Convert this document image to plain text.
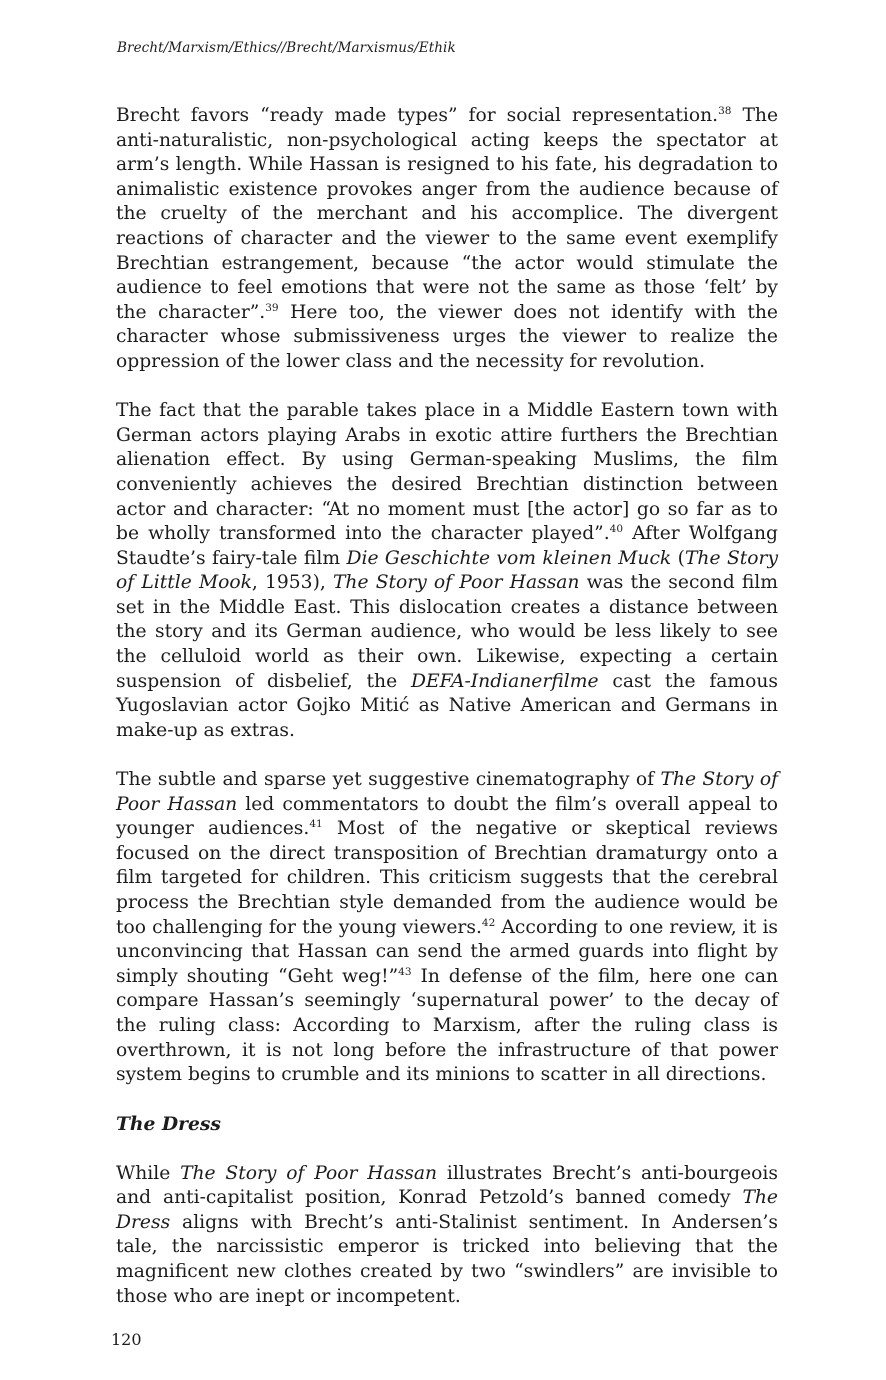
Brecht/Marxism/Ethics//Brecht/Marxismus/Ethik

Brecht favors “ready made types” for social representation.$^{38}$ The anti-naturalistic, non-psychological acting keeps the spectator at arm’s length. While Hassan is resigned to his fate, his degradation to animalistic existence provokes anger from the audience because of the cruelty of the merchant and his accomplice. The divergent reactions of character and the viewer to the same event exemplify Brechtian estrangement, because “the actor would stimulate the audience to feel emotions that were not the same as those ‘felt’ by the character”.$^{39}$ Here too, the viewer does not identify with the character whose submissiveness urges the viewer to realize the oppression of the lower class and the necessity for revolution.

The fact that the parable takes place in a Middle Eastern town with German actors playing Arabs in exotic attire furthers the Brechtian alienation effect. By using German-speaking Muslims, the film conveniently achieves the desired Brechtian distinction between actor and character: “At no moment must [the actor] go so far as to be wholly transformed into the character played”.$^{40}$ After Wolfgang Staudte’s fairy-tale film Die Geschichte vom kleinen Muck (The Story of Little Mook, 1953), The Story of Poor Hassan was the second film set in the Middle East. This dislocation creates a distance between the story and its German audience, who would be less likely to see the celluloid world as their own. Likewise, expecting a certain suspension of disbelief, the DEFA-Indianerfilme cast the famous Yugoslavian actor Gojko Mitić as Native American and Germans in make-up as extras.

The subtle and sparse yet suggestive cinematography of The Story of Poor Hassan led commentators to doubt the film’s overall appeal to younger audiences.$^{41}$ Most of the negative or skeptical reviews focused on the direct transposition of Brechtian dramaturgy onto a film targeted for children. This criticism suggests that the cerebral process the Brechtian style demanded from the audience would be too challenging for the young viewers.$^{42}$ According to one review, it is unconvincing that Hassan can send the armed guards into flight by simply shouting “Geht weg!”$^{43}$ In defense of the film, here one can compare Hassan’s seemingly ‘supernatural power’ to the decay of the ruling class: According to Marxism, after the ruling class is overthrown, it is not long before the infrastructure of that power system begins to crumble and its minions to scatter in all directions.

The Dress

While The Story of Poor Hassan illustrates Brecht’s anti-bourgeois and anti-capitalist position, Konrad Petzold’s banned comedy The Dress aligns with Brecht’s anti-Stalinist sentiment. In Andersen’s tale, the narcissistic emperor is tricked into believing that the magnificent new clothes created by two “swindlers” are invisible to those who are inept or incompetent.

120
